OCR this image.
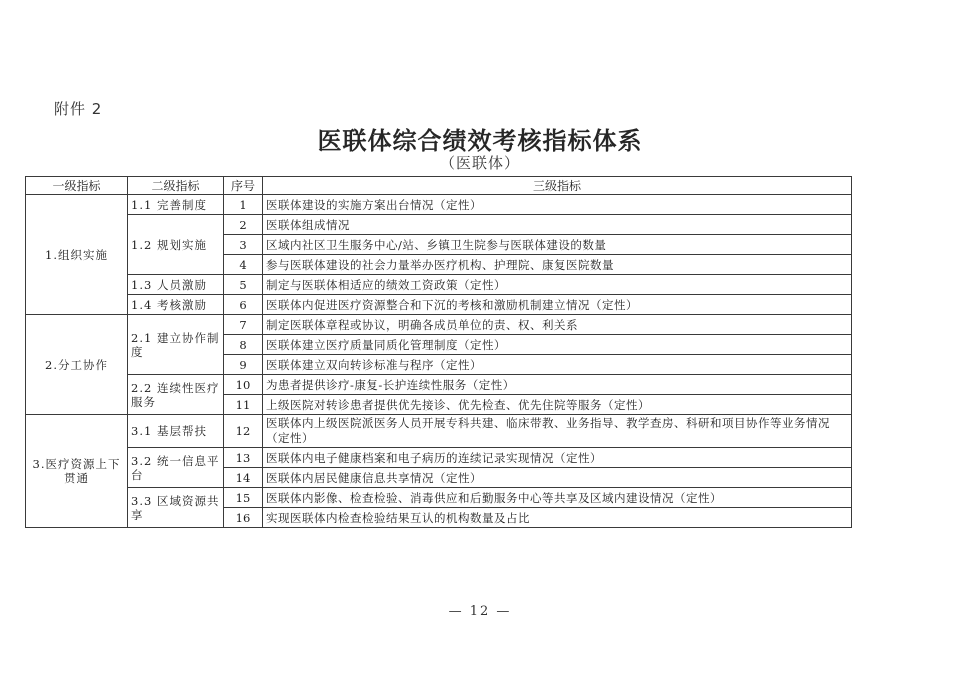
附件 2
医联体综合绩效考核指标体系
（医联体）
一级指标	二级指标	序号	三级指标
1.组织实施	1.1 完善制度	1	医联体建设的实施方案出台情况（定性）
	1.2 规划实施	2	医联体组成情况
		3	区域内社区卫生服务中心/站、乡镇卫生院参与医联体建设的数量
		4	参与医联体建设的社会力量举办医疗机构、护理院、康复医院数量
	1.3 人员激励	5	制定与医联体相适应的绩效工资政策（定性）
	1.4 考核激励	6	医联体内促进医疗资源整合和下沉的考核和激励机制建立情况（定性）
2.分工协作	2.1 建立协作制度	7	制定医联体章程或协议，明确各成员单位的责、权、利关系
		8	医联体建立医疗质量同质化管理制度（定性）
		9	医联体建立双向转诊标准与程序（定性）
	2.2 连续性医疗服务	10	为患者提供诊疗-康复-长护连续性服务（定性）
		11	上级医院对转诊患者提供优先接诊、优先检查、优先住院等服务（定性）
3.医疗资源上下贯通	3.1 基层帮扶	12	医联体内上级医院派医务人员开展专科共建、临床带教、业务指导、教学查房、科研和项目协作等业务情况（定性）
	3.2 统一信息平台	13	医联体内电子健康档案和电子病历的连续记录实现情况（定性）
		14	医联体内居民健康信息共享情况（定性）
	3.3 区域资源共享	15	医联体内影像、检查检验、消毒供应和后勤服务中心等共享及区域内建设情况（定性）
		16	实现医联体内检查检验结果互认的机构数量及占比
— 12 —
